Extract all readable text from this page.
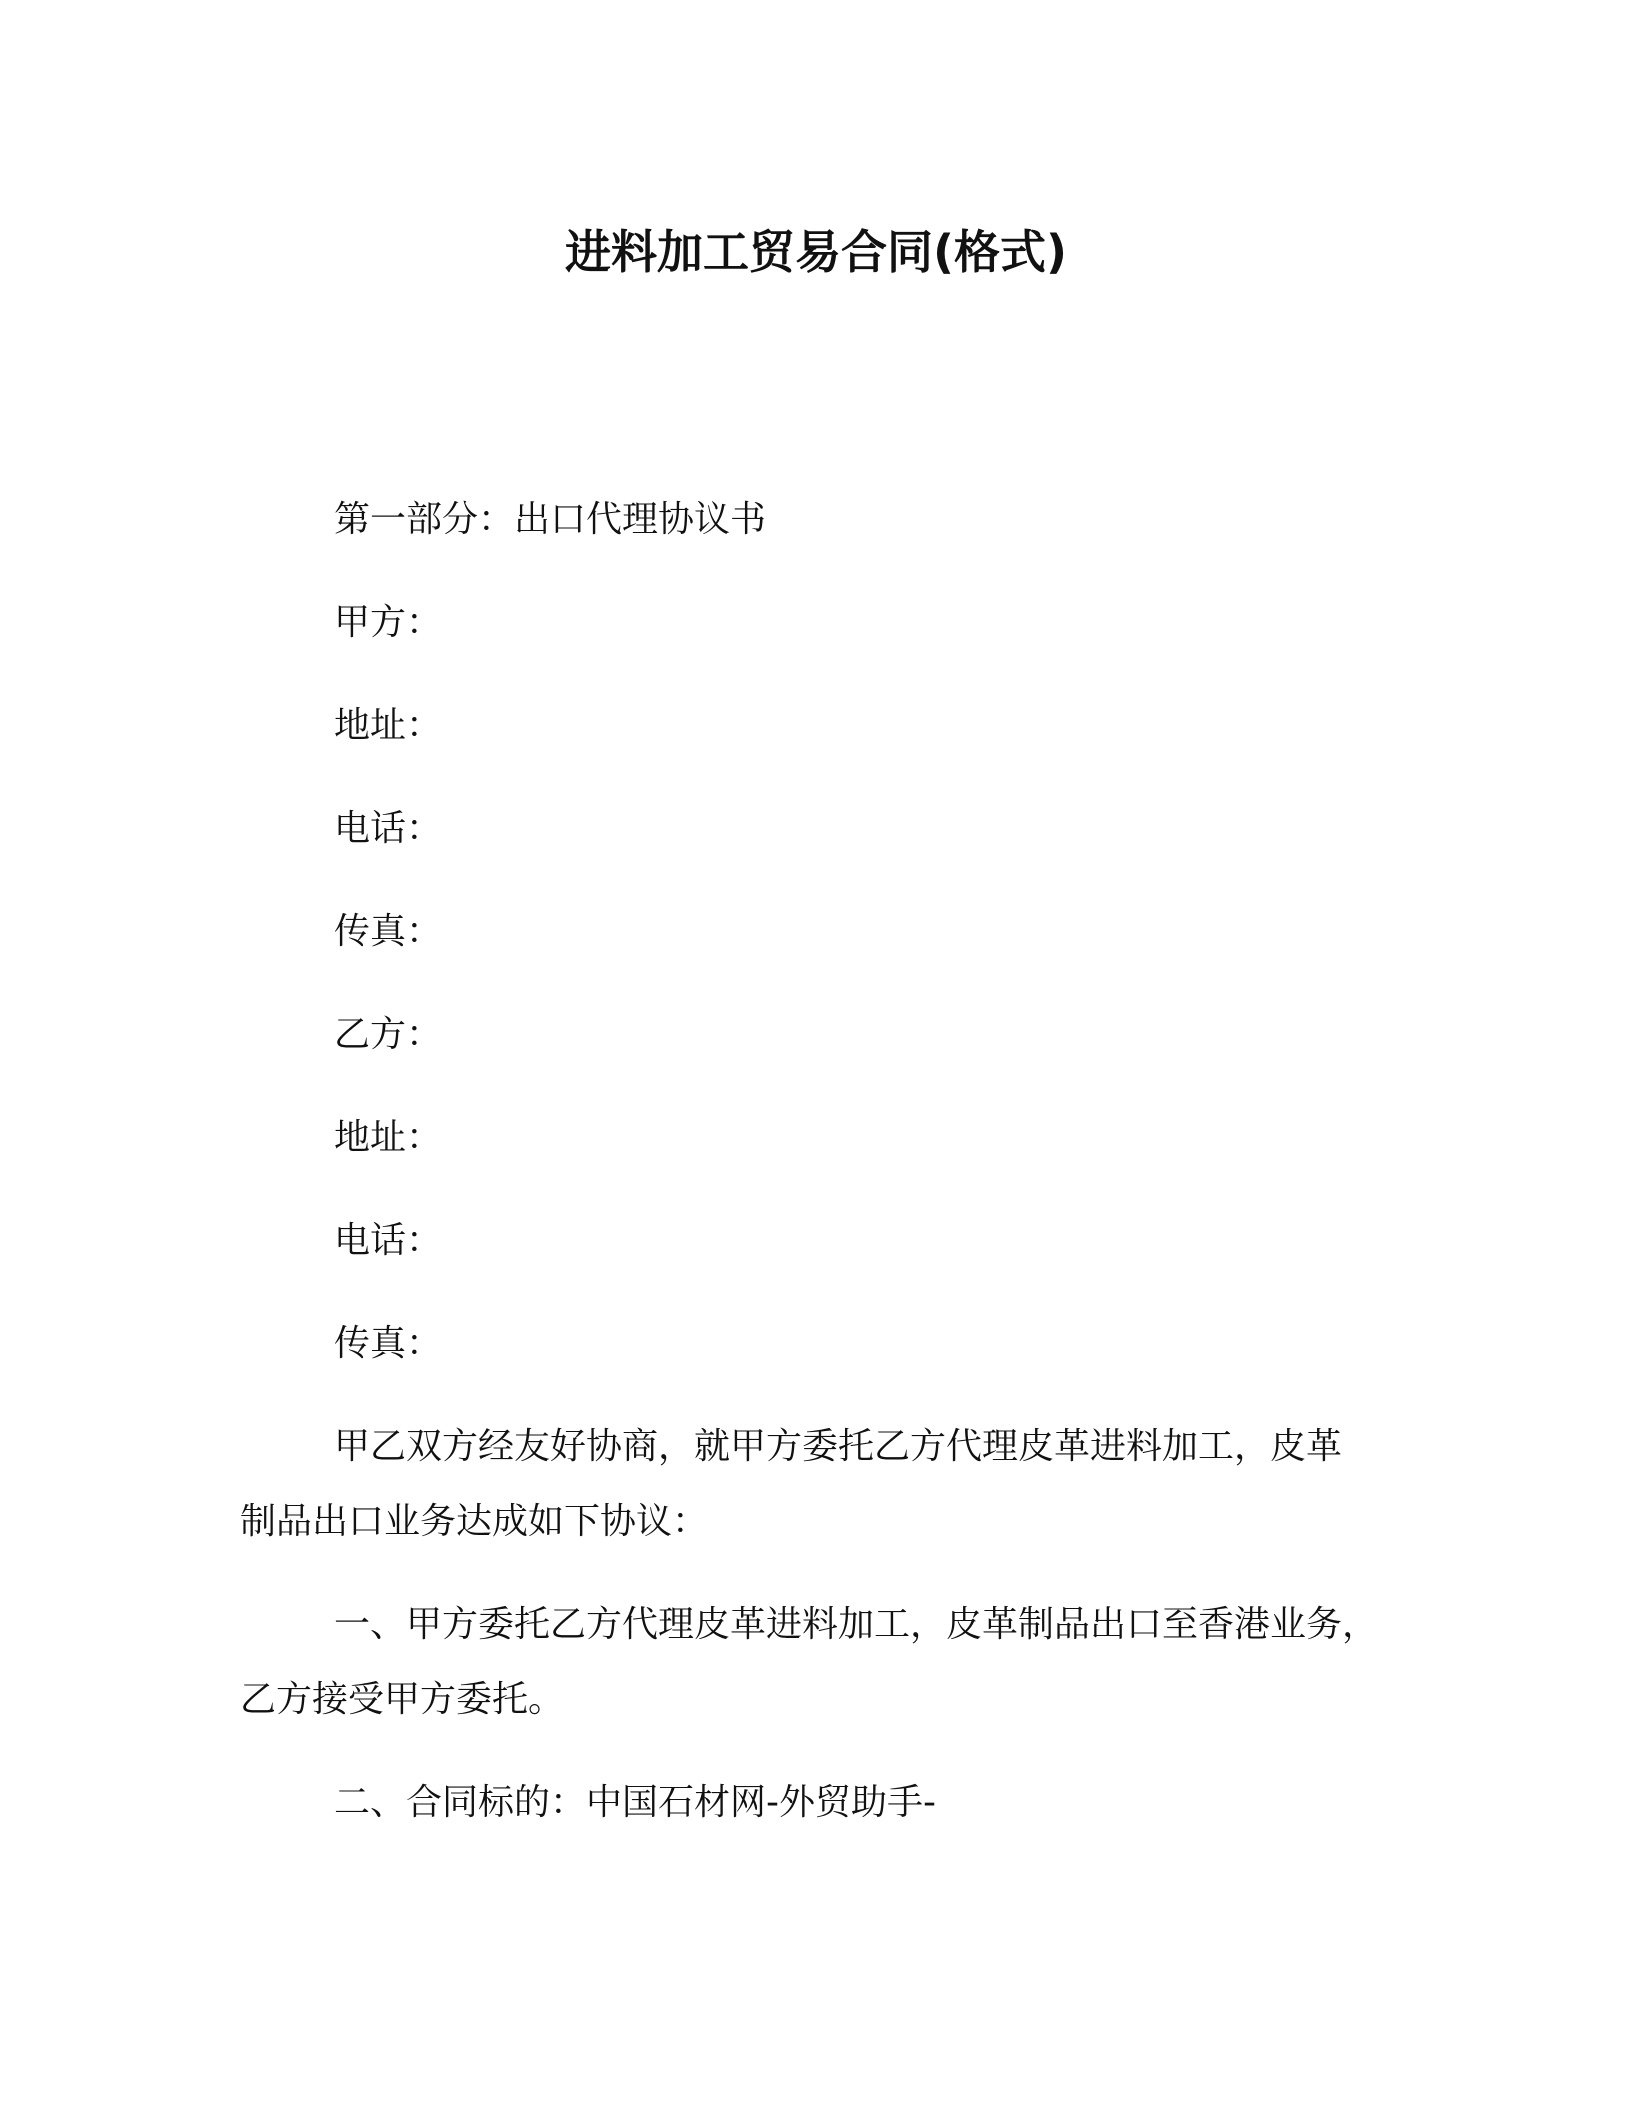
进料加工贸易合同(格式)
第一部分：出口代理协议书
甲方：
地址：
电话：
传真：
乙方：
地址：
电话：
传真：
甲乙双方经友好协商，就甲方委托乙方代理皮革进料加工，皮革
制品出口业务达成如下协议：
一、甲方委托乙方代理皮革进料加工，皮革制品出口至香港业务，
乙方接受甲方委托。
二、合同标的：中国石材网-外贸助手-
